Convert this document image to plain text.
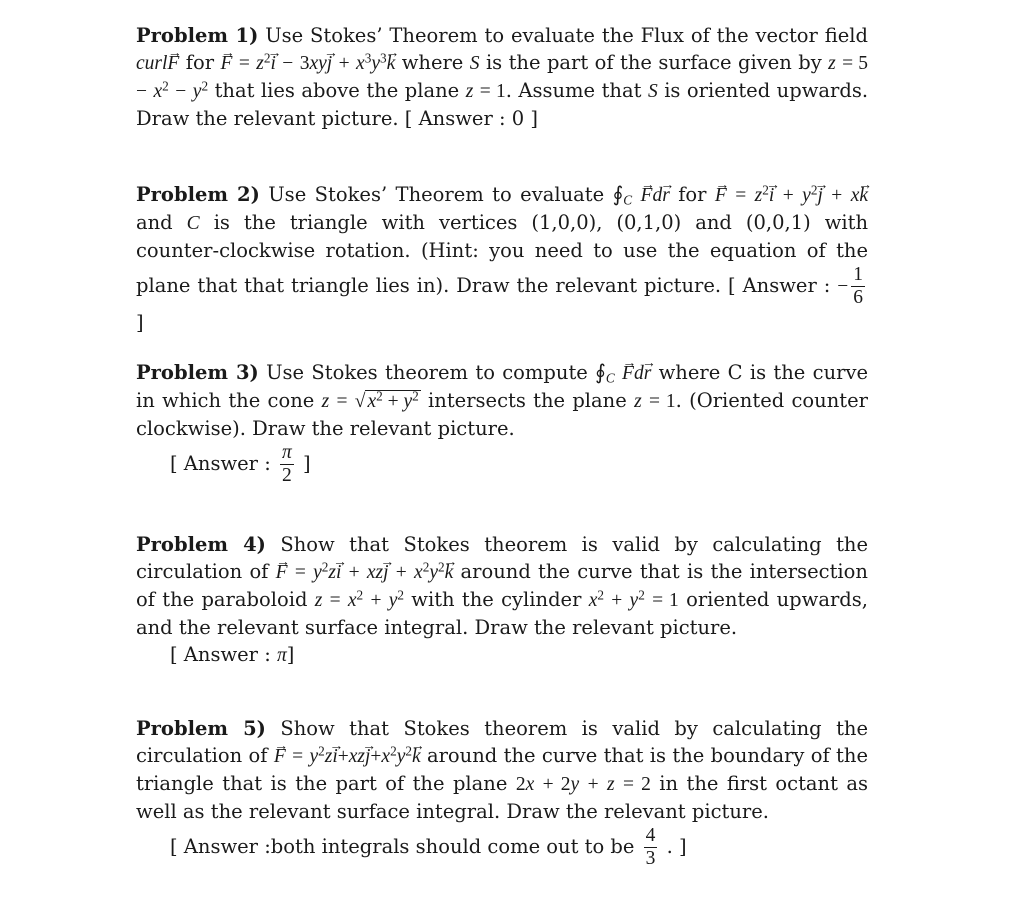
Problem 1) Use Stokes’ Theorem to evaluate the Flux of the vector field curl→ F for → $F = z^2\to i - 3xy\to j + x^3y^3\to k$ where S is the part of the surface given by $z = 5 - x^2 - y^2$ that lies above the plane z = 1. Assume that S is oriented upwards. Draw the relevant picture. [ Answer : 0 ]
Problem 2) Use Stokes’ Theorem to evaluate $∮_C \to Fd\to r$ for → $F = z^2\to i + y^2\to j + x\to k$ and C is the triangle with vertices (1,0,0), (0,1,0) and (0,0,1) with counter-clockwise rotation. (Hint: you need to use the equation of the plane that that triangle lies in). Draw the relevant picture. [ Answer : − $\frac{1}{6}$
]
Problem 3) Use Stokes theorem to compute $∮_C \to Fd\to r$ where C is the curve in which the cone z = √ $x^2 + y^2$ intersects the plane z = 1. (Oriented counter clockwise). Draw the relevant picture.
[ Answer : $\frac{\pi}{2}$ ]
Problem 4) Show that Stokes theorem is valid by calculating the circulation of → $F = y^2z\to i + xz\to j + x^2y^2\to k$ around the curve that is the intersection of the paraboloid $z = x^2 + y^2$ with the cylinder $x^2 + y^2 = 1$ oriented upwards, and the relevant surface integral. Draw the relevant picture.
[ Answer : π]
Problem 5) Show that Stokes theorem is valid by calculating the circulation of → $F = y^2z\to i+xz\to j+x^2y^2\to k$ around the curve that is the boundary of the triangle that is the part of the plane 2x + 2y + z = 2 in the first octant as well as the relevant surface integral. Draw the relevant picture.
[ Answer :both integrals should come out to be $\frac{4}{3}$ . ]
